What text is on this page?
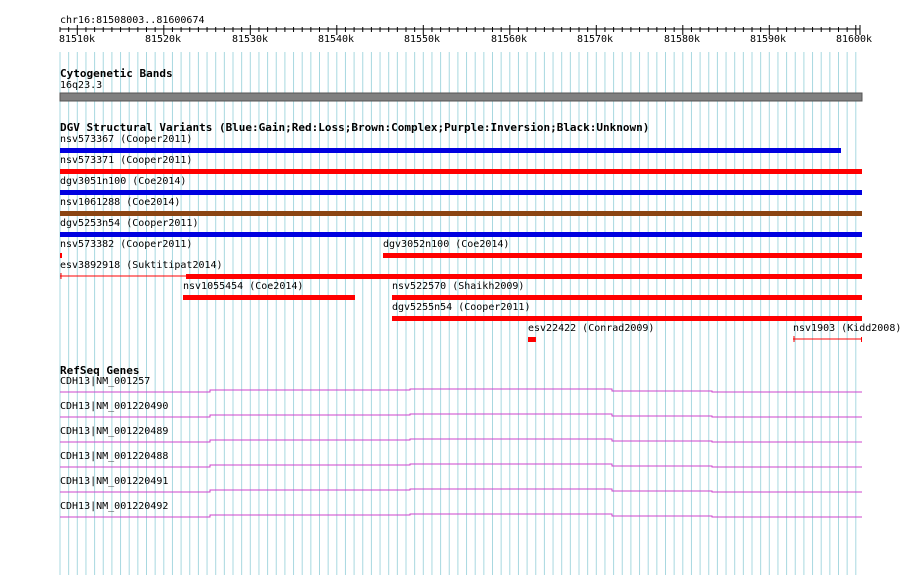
chr16:81508003..81600674
81510k	81520k	81530k	81540k	81550k	81560k	81570k	81580k	81590k	81600k
Cytogenetic Bands
16q23.3
DGV Structural Variants (Blue:Gain;Red:Loss;Brown:Complex;Purple:Inversion;Black:Unknown)
nsv573367 (Cooper2011)
nsv573371 (Cooper2011)
dgv3051n100 (Coe2014)
nsv1061288 (Coe2014)
dgv5253n54 (Cooper2011)
nsv573382 (Cooper2011)	dgv3052n100 (Coe2014)
esv3892918 (Suktitipat2014)
nsv1055454 (Coe2014)	nsv522570 (Shaikh2009)
dgv5255n54 (Cooper2011)
esv22422 (Conrad2009)	nsv1903 (Kidd2008)
RefSeq Genes
CDH13|NM_001257
CDH13|NM_001220490
CDH13|NM_001220489
CDH13|NM_001220488
CDH13|NM_001220491
CDH13|NM_001220492
